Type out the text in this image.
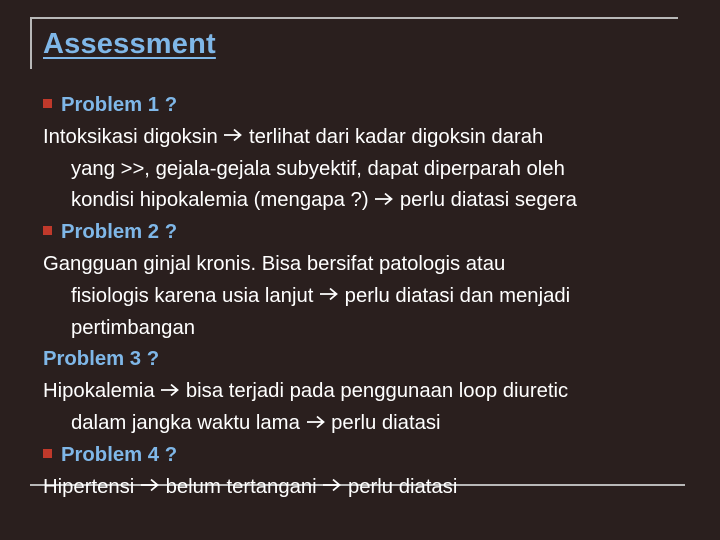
Assessment
Problem 1 ?
Intoksikasi digoksin terlihat dari kadar digoksin darah
yang >>, gejala-gejala subyektif, dapat diperparah oleh
kondisi hipokalemia (mengapa ?) perlu diatasi segera
Problem 2 ?
Gangguan ginjal kronis. Bisa bersifat patologis atau
fisiologis karena usia lanjut perlu diatasi dan menjadi
pertimbangan
Problem 3 ?
Hipokalemia bisa terjadi pada penggunaan loop diuretic
dalam jangka waktu lama perlu diatasi
Problem 4 ?
Hipertensi belum tertangani perlu diatasi
